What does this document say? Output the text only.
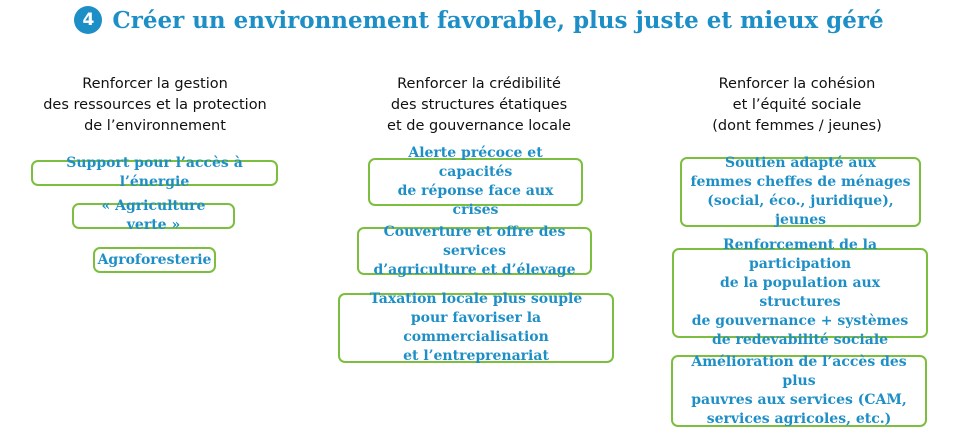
4 Créer un environnement favorable, plus juste et mieux géré
Renforcer la gestion
des ressources et la protection
de l’environnement
Support pour l’accès à l’énergie
« Agriculture verte »
Agroforesterie
Renforcer la crédibilité
des structures étatiques
et de gouvernance locale
Alerte précoce et capacités
de réponse face aux crises
Couverture et offre des services
d’agriculture et d’élevage
Taxation locale plus souple
pour favoriser la commercialisation
et l’entreprenariat
Renforcer la cohésion
et l’équité sociale
(dont femmes / jeunes)
Soutien adapté aux
femmes cheffes de ménages
(social, éco., juridique), jeunes
Renforcement de la participation
de la population aux structures
de gouvernance + systèmes
de redevabilité sociale
Amélioration de l’accès des plus
pauvres aux services (CAM,
services agricoles, etc.)
